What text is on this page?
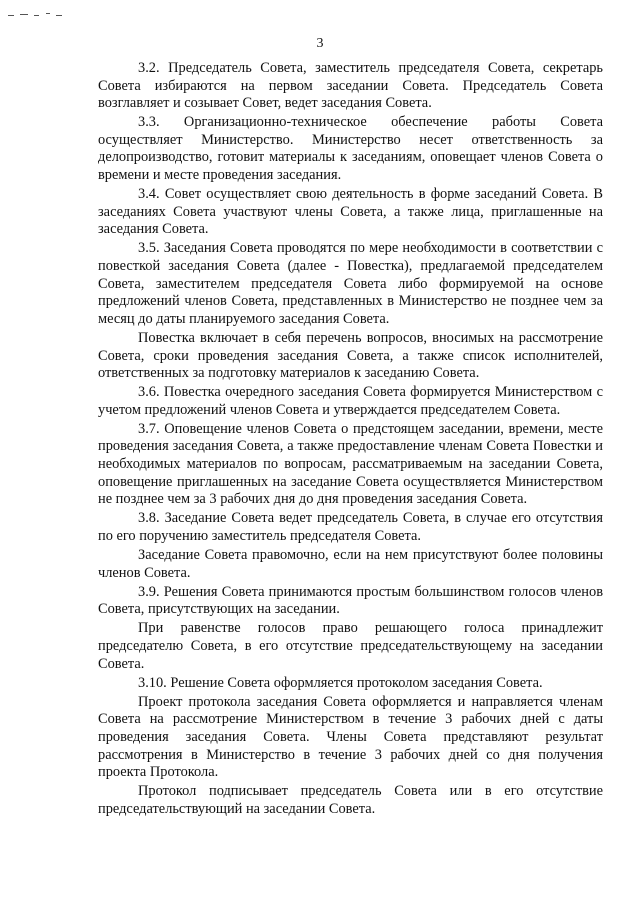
3

3.2. Председатель Совета, заместитель председателя Совета, секретарь Совета избираются на первом заседании Совета. Председатель Совета возглавляет и созывает Совет, ведет заседания Совета.

3.3. Организационно-техническое обеспечение работы Совета осуществляет Министерство. Министерство несет ответственность за делопроизводство, готовит материалы к заседаниям, оповещает членов Совета о времени и месте проведения заседания.

3.4. Совет осуществляет свою деятельность в форме заседаний Совета. В заседаниях Совета участвуют члены Совета, а также лица, приглашенные на заседания Совета.

3.5. Заседания Совета проводятся по мере необходимости в соответствии с повесткой заседания Совета (далее - Повестка), предлагаемой председателем Совета, заместителем председателя Совета либо формируемой на основе предложений членов Совета, представленных в Министерство не позднее чем за месяц до даты планируемого заседания Совета.

Повестка включает в себя перечень вопросов, вносимых на рассмотрение Совета, сроки проведения заседания Совета, а также список исполнителей, ответственных за подготовку материалов к заседанию Совета.

3.6. Повестка очередного заседания Совета формируется Министерством с учетом предложений членов Совета и утверждается председателем Совета.

3.7. Оповещение членов Совета о предстоящем заседании, времени, месте проведения заседания Совета, а также предоставление членам Совета Повестки и необходимых материалов по вопросам, рассматриваемым на заседании Совета, оповещение приглашенных на заседание Совета осуществляется Министерством не позднее чем за 3 рабочих дня до дня проведения заседания Совета.

3.8. Заседание Совета ведет председатель Совета, в случае его отсутствия по его поручению заместитель председателя Совета.

Заседание Совета правомочно, если на нем присутствуют более половины членов Совета.

3.9. Решения Совета принимаются простым большинством голосов членов Совета, присутствующих на заседании.

При равенстве голосов право решающего голоса принадлежит председателю Совета, в его отсутствие председательствующему на заседании Совета.

3.10. Решение Совета оформляется протоколом заседания Совета.

Проект протокола заседания Совета оформляется и направляется членам Совета на рассмотрение Министерством в течение 3 рабочих дней с даты проведения заседания Совета. Члены Совета представляют результат рассмотрения в Министерство в течение 3 рабочих дней со дня получения проекта Протокола.

Протокол подписывает председатель Совета или в его отсутствие председательствующий на заседании Совета.
